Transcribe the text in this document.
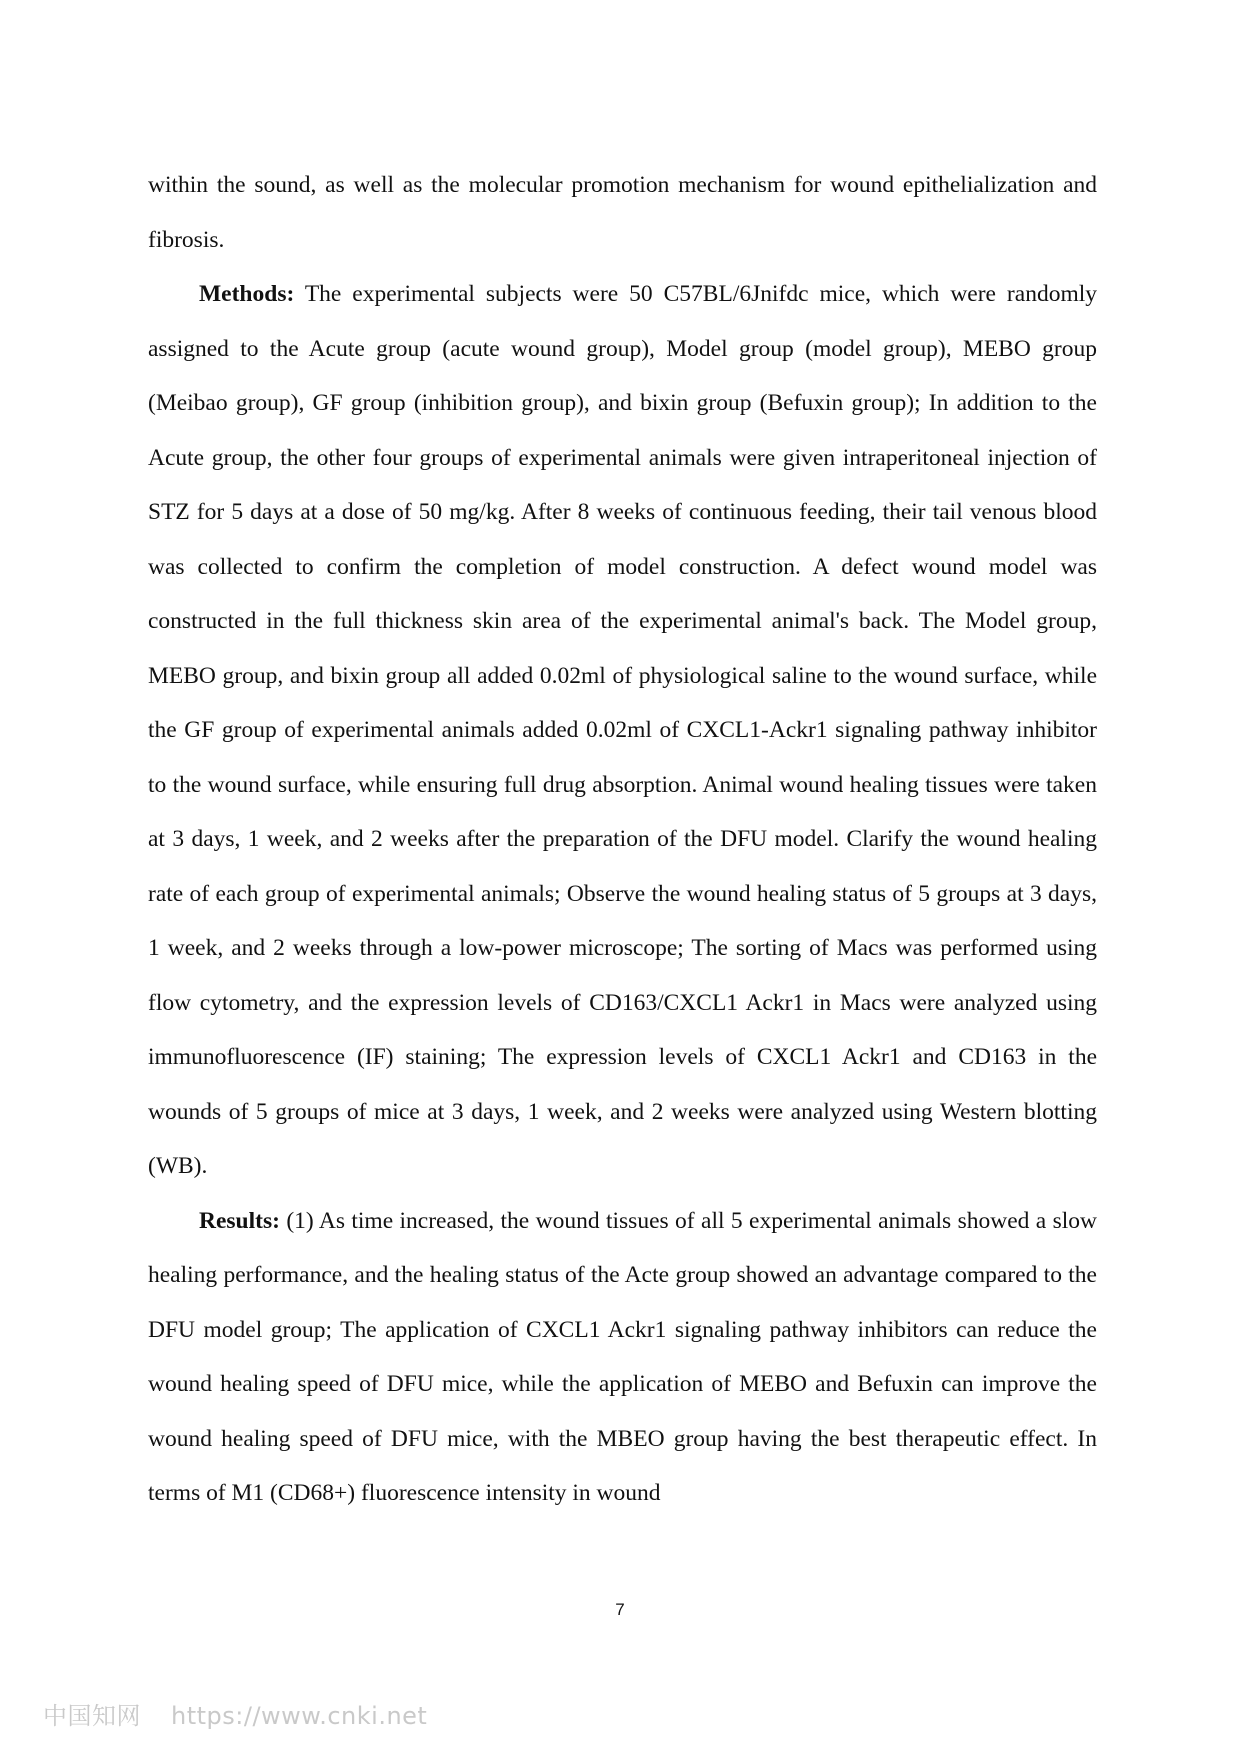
within the sound, as well as the molecular promotion mechanism for wound epithelialization and fibrosis.

Methods: The experimental subjects were 50 C57BL/6Jnifdc mice, which were randomly assigned to the Acute group (acute wound group), Model group (model group), MEBO group (Meibao group), GF group (inhibition group), and bixin group (Befuxin group); In addition to the Acute group, the other four groups of experimental animals were given intraperitoneal injection of STZ for 5 days at a dose of 50 mg/kg. After 8 weeks of continuous feeding, their tail venous blood was collected to confirm the completion of model construction. A defect wound model was constructed in the full thickness skin area of the experimental animal's back. The Model group, MEBO group, and bixin group all added 0.02ml of physiological saline to the wound surface, while the GF group of experimental animals added 0.02ml of CXCL1-Ackr1 signaling pathway inhibitor to the wound surface, while ensuring full drug absorption. Animal wound healing tissues were taken at 3 days, 1 week, and 2 weeks after the preparation of the DFU model. Clarify the wound healing rate of each group of experimental animals; Observe the wound healing status of 5 groups at 3 days, 1 week, and 2 weeks through a low-power microscope; The sorting of Macs was performed using flow cytometry, and the expression levels of CD163/CXCL1 Ackr1 in Macs were analyzed using immunofluorescence (IF) staining; The expression levels of CXCL1 Ackr1 and CD163 in the wounds of 5 groups of mice at 3 days, 1 week, and 2 weeks were analyzed using Western blotting (WB).

Results: (1) As time increased, the wound tissues of all 5 experimental animals showed a slow healing performance, and the healing status of the Acte group showed an advantage compared to the DFU model group; The application of CXCL1 Ackr1 signaling pathway inhibitors can reduce the wound healing speed of DFU mice, while the application of MEBO and Befuxin can improve the wound healing speed of DFU mice, with the MBEO group having the best therapeutic effect. In terms of M1 (CD68+) fluorescence intensity in wound

7
中国知网 https://www.cnki.net
